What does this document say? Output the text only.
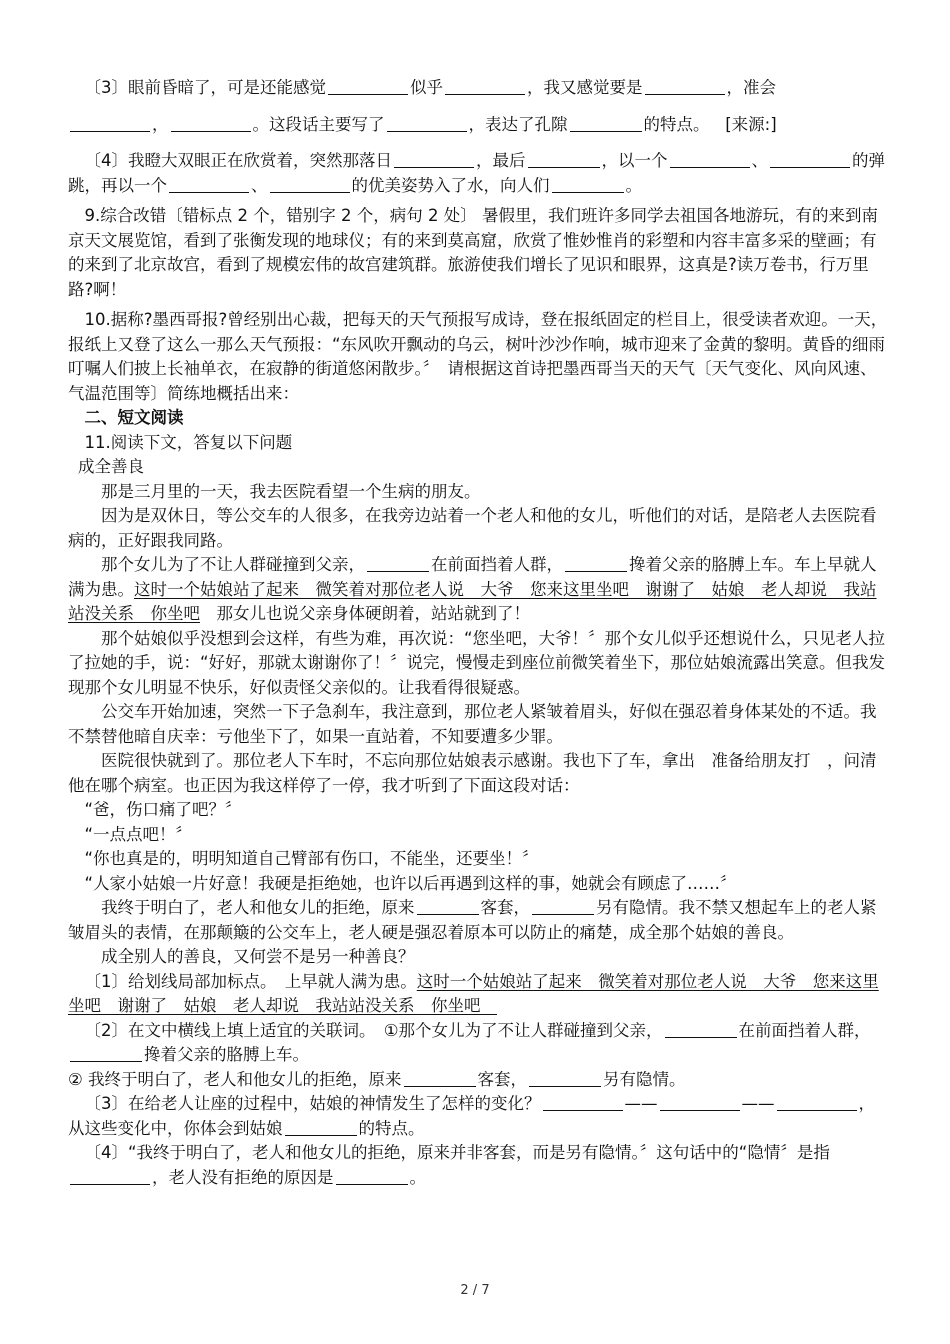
〔3〕眼前昏暗了，可是还能感觉	似乎	，我又感觉要是	，准会

，	。这段话主要写了	，表达了孔隙	的特点。 [来源:]

〔4〕我瞪大双眼正在欣赏着，突然那落日	，最后	，以一个	、	的弹跳，再以一个	、	的优美姿势入了水，向人们	。

9.综合改错〔错标点 2 个，错别字 2 个，病句 2 处〕 暑假里，我们班许多同学去祖国各地游玩，有的来到南京天文展览馆，看到了张衡发现的地球仪；有的来到莫高窟，欣赏了惟妙惟肖的彩塑和内容丰富多采的壁画；有的来到了北京故宫，看到了规模宏伟的故宫建筑群。旅游使我们增长了见识和眼界，这真是?读万卷书，行万里路?啊！

10.据称?墨西哥报?曾经别出心裁，把每天的天气预报写成诗，登在报纸固定的栏目上，很受读者欢迎。一天，报纸上又登了这么一那么天气预报：“东风吹开飘动的乌云，树叶沙沙作响，城市迎来了金黄的黎明。黄昏的细雨叮嘱人们披上长袖单衣，在寂静的街道悠闲散步。〞　请根据这首诗把墨西哥当天的天气〔天气变化、风向风速、气温范围等〕简练地概括出来：

二、短文阅读

11.阅读下文，答复以下问题

成全善良

那是三月里的一天，我去医院看望一个生病的朋友。

因为是双休日，等公交车的人很多，在我旁边站着一个老人和他的女儿，听他们的对话，是陪老人去医院看病的，正好跟我同路。

那个女儿为了不让人群碰撞到父亲，	在前面挡着人群，	搀着父亲的胳膊上车。车上早就人满为患。这时一个姑娘站了起来　微笑着对那位老人说　大爷　您来这里坐吧　谢谢了　姑娘　老人却说　我站站没关系　你坐吧　那女儿也说父亲身体硬朗着，站站就到了！

那个姑娘似乎没想到会这样，有些为难，再次说：“您坐吧，大爷！〞那个女儿似乎还想说什么，只见老人拉了拉她的手，说：“好好，那就太谢谢你了！〞说完，慢慢走到座位前微笑着坐下，那位姑娘流露出笑意。但我发现那个女儿明显不快乐，好似责怪父亲似的。让我看得很疑惑。

公交车开始加速，突然一下子急刹车，我注意到，那位老人紧皱着眉头，好似在强忍着身体某处的不适。我不禁替他暗自庆幸：亏他坐下了，如果一直站着，不知要遭多少罪。

医院很快就到了。那位老人下车时，不忘向那位姑娘表示感谢。我也下了车，拿出　准备给朋友打　，问清他在哪个病室。也正因为我这样停了一停，我才听到了下面这段对话：

“爸，伤口痛了吧？〞

“一点点吧！〞

“你也真是的，明明知道自己臂部有伤口，不能坐，还要坐！〞

“人家小姑娘一片好意！我硬是拒绝她，也许以后再遇到这样的事，她就会有顾虑了……〞

我终于明白了，老人和他女儿的拒绝，原来	客套，	另有隐情。我不禁又想起车上的老人紧皱眉头的表情，在那颠簸的公交车上，老人硬是强忍着原本可以防止的痛楚，成全那个姑娘的善良。

成全别人的善良，又何尝不是另一种善良？

〔1〕给划线局部加标点。　上早就人满为患。这时一个姑娘站了起来　微笑着对那位老人说　大爷　您来这里坐吧　谢谢了　姑娘　老人却说　我站站没关系　你坐吧　

〔2〕在文中横线上填上适宜的关联词。　①那个女儿为了不让人群碰撞到父亲，	在前面挡着人群，搀着父亲的胳膊上车。

② 我终于明白了，老人和他女儿的拒绝，原来	客套，	另有隐情。

〔3〕在给老人让座的过程中，姑娘的神情发生了怎样的变化？	——	——	，从这些变化中，你体会到姑娘	的特点。

〔4〕“我终于明白了，老人和他女儿的拒绝，原来并非客套，而是另有隐情。〞这句话中的“隐情〞是指，老人没有拒绝的原因是	。

2 / 7
